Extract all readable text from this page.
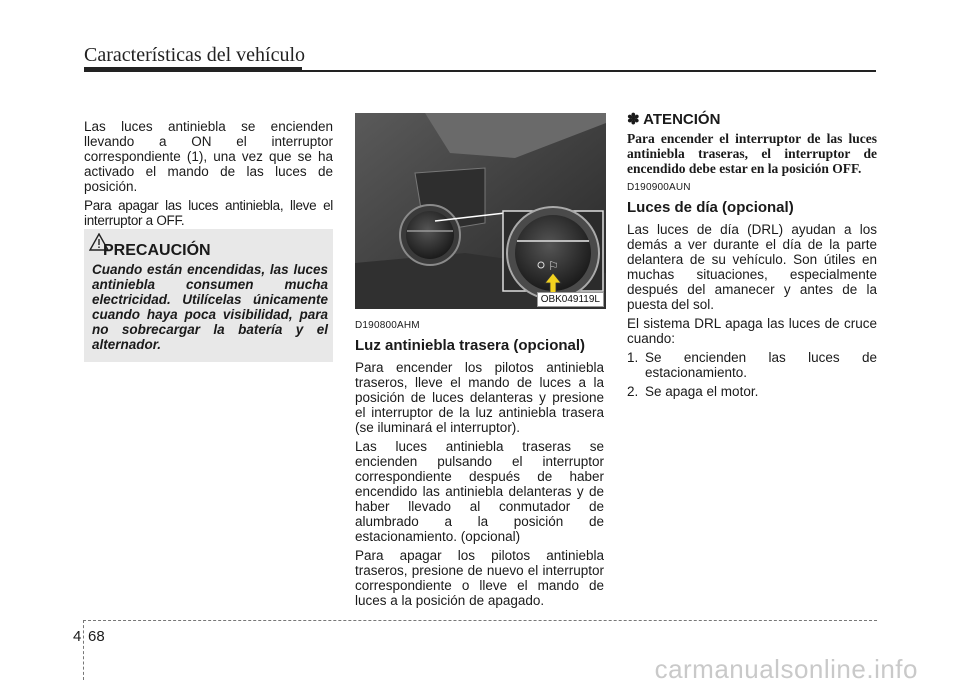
Características del vehículo

Las luces antiniebla se encienden llevando a ON el interruptor correspondiente (1), una vez que se ha activado el mando de las luces de posición.

Para apagar las luces antiniebla, lleve el interruptor a OFF.

PRECAUCIÓN
Cuando están encendidas, las luces antiniebla consumen mucha electricidad. Utilícelas únicamente cuando haya poca visibilidad, para no sobrecargar la batería y el alternador.
⚐
OBK049119L
D190800AHM
Luz antiniebla trasera (opcional)

Para encender los pilotos antiniebla traseros, lleve el mando de luces a la posición de luces delanteras y presione el interruptor de la luz antiniebla trasera (se iluminará el interruptor).

Las luces antiniebla traseras se encienden pulsando el interruptor correspondiente después de haber encendido las antiniebla delanteras y de haber llevado al conmutador de alumbrado a la posición de estacionamiento. (opcional)

Para apagar los pilotos antiniebla traseros, presione de nuevo el interruptor correspondiente o lleve el mando de luces a la posición de apagado.

✽ ATENCIÓN

Para encender el interruptor de las luces antiniebla traseras, el interruptor de encendido debe estar en la posición OFF.

D190900AUN
Luces de día (opcional)

Las luces de día (DRL) ayudan a los demás a ver durante el día de la parte delantera de su vehículo. Son útiles en muchas situaciones, especialmente después del amanecer y antes de la puesta del sol.

El sistema DRL apaga las luces de cruce cuando:

1. Se encienden las luces de estacionamiento.
2. Se apaga el motor.
4 68
carmanualsonline.info
